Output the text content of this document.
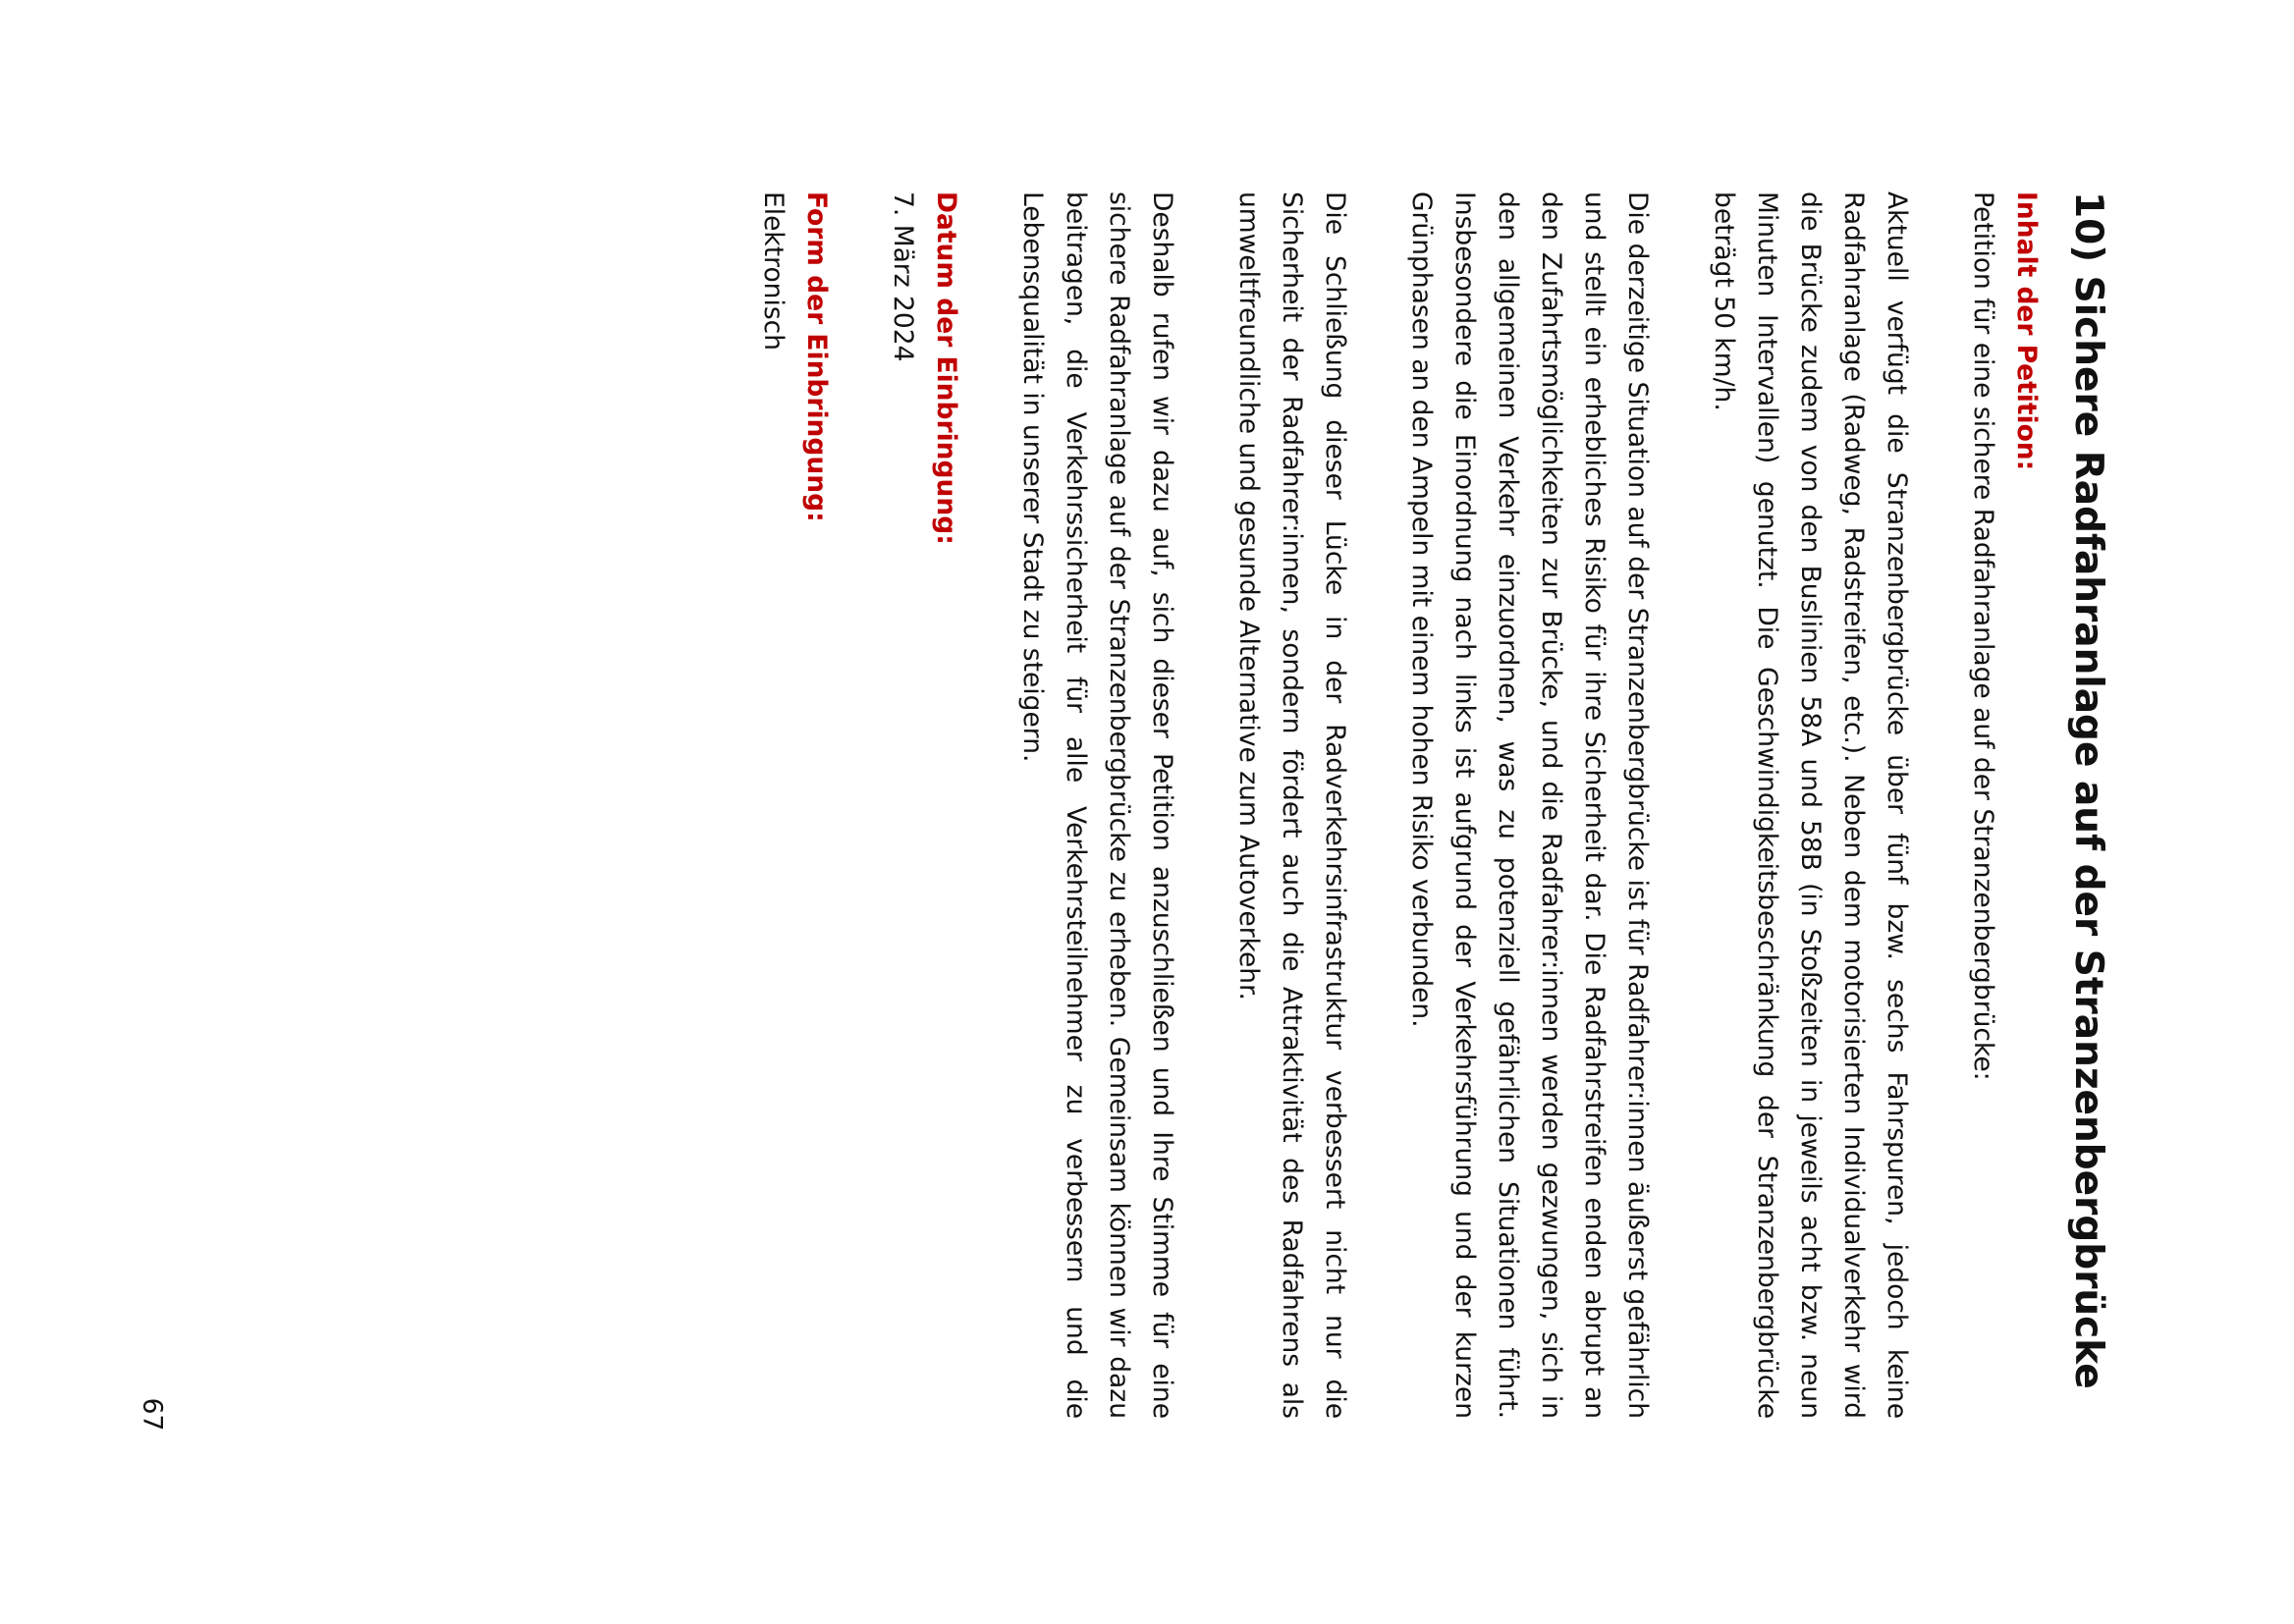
10) Sichere Radfahranlage auf der Stranzenbergbrücke

Inhalt der Petition:

Petition für eine sichere Radfahranlage auf der Stranzenbergbrücke:

Aktuell verfügt die Stranzenbergbrücke über fünf bzw. sechs Fahrspuren, jedoch keine Radfahranlage (Radweg, Radstreifen, etc.). Neben dem motorisierten Individualverkehr wird die Brücke zudem von den Buslinien 58A und 58B (in Stoßzeiten in jeweils acht bzw. neun Minuten Intervallen) genutzt. Die Geschwindigkeitsbeschränkung der Stranzenbergbrücke beträgt 50 km/h.

Die derzeitige Situation auf der Stranzenbergbrücke ist für Radfahrer:innen äußerst gefährlich und stellt ein erhebliches Risiko für ihre Sicherheit dar. Die Radfahrstreifen enden abrupt an den Zufahrtsmöglichkeiten zur Brücke, und die Radfahrer:innen werden gezwungen, sich in den allgemeinen Verkehr einzuordnen, was zu potenziell gefährlichen Situationen führt. Insbesondere die Einordnung nach links ist aufgrund der Verkehrsführung und der kurzen Grünphasen an den Ampeln mit einem hohen Risiko verbunden.

Die Schließung dieser Lücke in der Radverkehrsinfrastruktur verbessert nicht nur die Sicherheit der Radfahrer:innen, sondern fördert auch die Attraktivität des Radfahrens als umweltfreundliche und gesunde Alternative zum Autoverkehr.

Deshalb rufen wir dazu auf, sich dieser Petition anzuschließen und Ihre Stimme für eine sichere Radfahranlage auf der Stranzenbergbrücke zu erheben. Gemeinsam können wir dazu beitragen, die Verkehrssicherheit für alle Verkehrsteilnehmer zu verbessern und die Lebensqualität in unserer Stadt zu steigern.

Datum der Einbringung:

7. März 2024

Form der Einbringung:

Elektronisch

67
